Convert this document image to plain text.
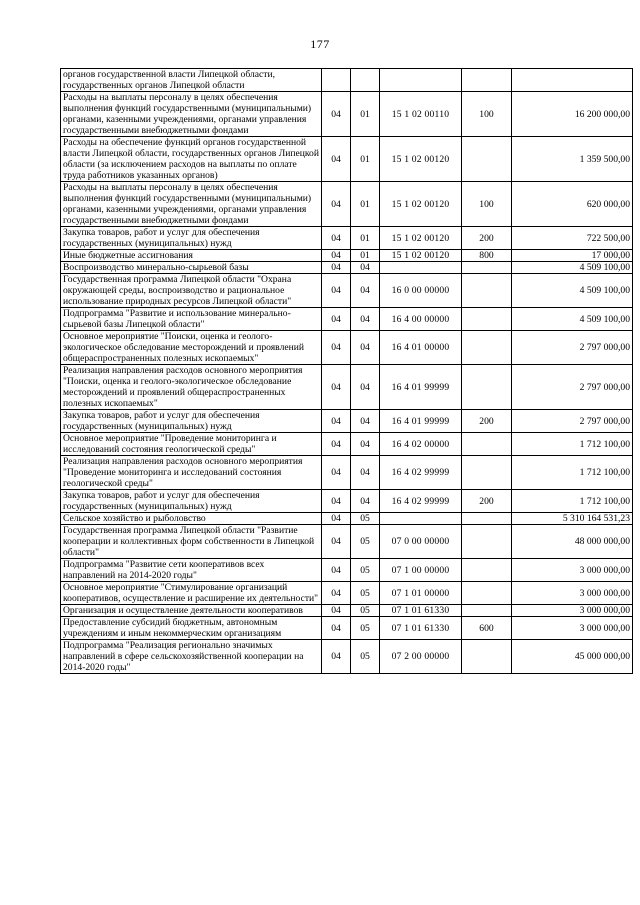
177
органов государственной власти Липецкой области, государственных органов Липецкой области					
Расходы на выплаты персоналу в целях обеспечения выполнения функций государственными (муниципальными) органами, казенными учреждениями, органами управления государственными внебюджетными фондами	04	01	15 1 02 00110	100	16 200 000,00
Расходы на обеспечение функций органов государственной власти Липецкой области, государственных органов Липецкой области (за исключением расходов на выплаты по оплате труда работников указанных органов)	04	01	15 1 02 00120		1 359 500,00
Расходы на выплаты персоналу в целях обеспечения выполнения функций государственными (муниципальными) органами, казенными учреждениями, органами управления государственными внебюджетными фондами	04	01	15 1 02 00120	100	620 000,00
Закупка товаров, работ и услуг для обеспечения государственных (муниципальных) нужд	04	01	15 1 02 00120	200	722 500,00
Иные бюджетные ассигнования	04	01	15 1 02 00120	800	17 000,00
Воспроизводство минерально-сырьевой базы	04	04			4 509 100,00
Государственная программа Липецкой области "Охрана окружающей среды, воспроизводство и рациональное использование природных ресурсов Липецкой области"	04	04	16 0 00 00000		4 509 100,00
Подпрограмма "Развитие и использование минерально-сырьевой базы Липецкой области"	04	04	16 4 00 00000		4 509 100,00
Основное мероприятие "Поиски, оценка и геолого-экологическое обследование месторождений и проявлений общераспространенных полезных ископаемых"	04	04	16 4 01 00000		2 797 000,00
Реализация направления расходов основного мероприятия "Поиски, оценка и геолого-экологическое обследование месторождений и проявлений общераспространенных полезных ископаемых"	04	04	16 4 01 99999		2 797 000,00
Закупка товаров, работ и услуг для обеспечения государственных (муниципальных) нужд	04	04	16 4 01 99999	200	2 797 000,00
Основное мероприятие "Проведение мониторинга и исследований состояния геологической среды"	04	04	16 4 02 00000		1 712 100,00
Реализация направления расходов основного мероприятия "Проведение мониторинга и исследований состояния геологической среды"	04	04	16 4 02 99999		1 712 100,00
Закупка товаров, работ и услуг для обеспечения государственных (муниципальных) нужд	04	04	16 4 02 99999	200	1 712 100,00
Сельское хозяйство и рыболовство	04	05			5 310 164 531,23
Государственная программа Липецкой области "Развитие кооперации и коллективных форм собственности в Липецкой области"	04	05	07 0 00 00000		48 000 000,00
Подпрограмма "Развитие сети кооперативов всех направлений на 2014-2020 годы"	04	05	07 1 00 00000		3 000 000,00
Основное мероприятие "Стимулирование организаций кооперативов, осуществление и расширение их деятельности"	04	05	07 1 01 00000		3 000 000,00
Организация и осуществление деятельности кооперативов	04	05	07 1 01 61330		3 000 000,00
Предоставление субсидий бюджетным, автономным учреждениям и иным некоммерческим организациям	04	05	07 1 01 61330	600	3 000 000,00
Подпрограмма "Реализация регионально значимых направлений в сфере сельскохозяйственной кооперации на 2014-2020 годы"	04	05	07 2 00 00000		45 000 000,00
